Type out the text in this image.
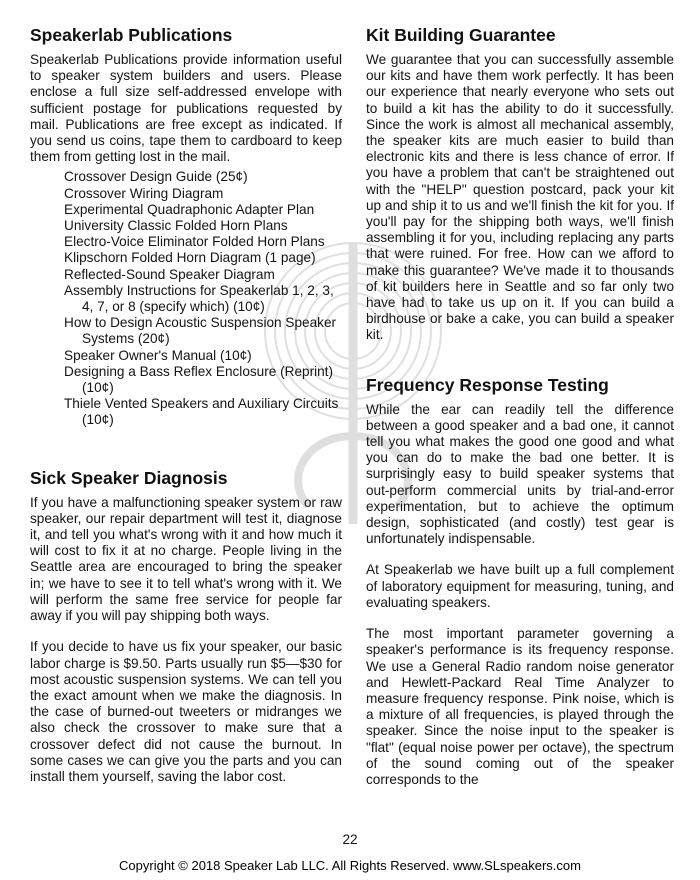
Speakerlab Publications

Speakerlab Publications provide information useful to speaker system builders and users. Please enclose a full size self-addressed envelope with sufficient postage for publications requested by mail. Publications are free except as indicated. If you send us coins, tape them to cardboard to keep them from getting lost in the mail.

Crossover Design Guide (25¢)
Crossover Wiring Diagram
Experimental Quadraphonic Adapter Plan
University Classic Folded Horn Plans
Electro-Voice Eliminator Folded Horn Plans
Klipschorn Folded Horn Diagram (1 page)
Reflected-Sound Speaker Diagram
Assembly Instructions for Speakerlab 1, 2, 3, 4, 7, or 8 (specify which) (10¢)
How to Design Acoustic Suspension Speaker Systems (20¢)
Speaker Owner's Manual (10¢)
Designing a Bass Reflex Enclosure (Reprint) (10¢)
Thiele Vented Speakers and Auxiliary Circuits (10¢)
Sick Speaker Diagnosis

If you have a malfunctioning speaker system or raw speaker, our repair department will test it, diagnose it, and tell you what's wrong with it and how much it will cost to fix it at no charge. People living in the Seattle area are encouraged to bring the speaker in; we have to see it to tell what's wrong with it. We will perform the same free service for people far away if you will pay shipping both ways.

If you decide to have us fix your speaker, our basic labor charge is $9.50. Parts usually run $5—$30 for most acoustic suspension systems. We can tell you the exact amount when we make the diagnosis. In the case of burned-out tweeters or midranges we also check the crossover to make sure that a crossover defect did not cause the burnout. In some cases we can give you the parts and you can install them yourself, saving the labor cost.

Kit Building Guarantee

We guarantee that you can successfully assemble our kits and have them work perfectly. It has been our experience that nearly everyone who sets out to build a kit has the ability to do it successfully. Since the work is almost all mechanical assembly, the speaker kits are much easier to build than electronic kits and there is less chance of error. If you have a problem that can't be straightened out with the "HELP" question postcard, pack your kit up and ship it to us and we'll finish the kit for you. If you'll pay for the shipping both ways, we'll finish assembling it for you, including replacing any parts that were ruined. For free. How can we afford to make this guarantee? We've made it to thousands of kit builders here in Seattle and so far only two have had to take us up on it. If you can build a birdhouse or bake a cake, you can build a speaker kit.

Frequency Response Testing

While the ear can readily tell the difference between a good speaker and a bad one, it cannot tell you what makes the good one good and what you can do to make the bad one better. It is surprisingly easy to build speaker systems that out-perform commercial units by trial-and-error experimentation, but to achieve the optimum design, sophisticated (and costly) test gear is unfortunately indispensable.

At Speakerlab we have built up a full complement of laboratory equipment for measuring, tuning, and evaluating speakers.

The most important parameter governing a speaker's performance is its frequency response. We use a General Radio random noise generator and Hewlett-Packard Real Time Analyzer to measure frequency response. Pink noise, which is a mixture of all frequencies, is played through the speaker. Since the noise input to the speaker is "flat" (equal noise power per octave), the spectrum of the sound coming out of the speaker corresponds to the

22
Copyright © 2018 Speaker Lab LLC. All Rights Reserved. www.SLspeakers.com
